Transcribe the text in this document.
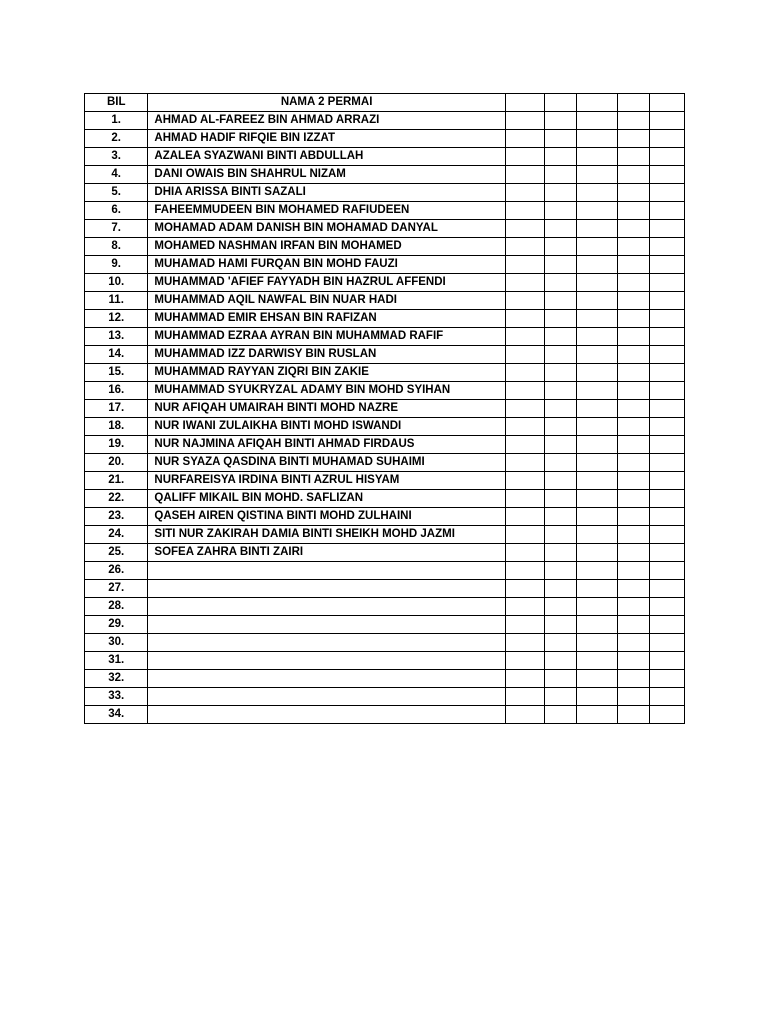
BIL	NAMA 2 PERMAI					
1.	AHMAD AL-FAREEZ BIN AHMAD ARRAZI					
2.	AHMAD HADIF RIFQIE BIN IZZAT					
3.	AZALEA SYAZWANI BINTI ABDULLAH					
4.	DANI OWAIS BIN SHAHRUL NIZAM					
5.	DHIA ARISSA BINTI SAZALI					
6.	FAHEEMMUDEEN BIN MOHAMED RAFIUDEEN					
7.	MOHAMAD ADAM DANISH BIN MOHAMAD DANYAL					
8.	MOHAMED NASHMAN IRFAN BIN MOHAMED					
9.	MUHAMAD HAMI FURQAN BIN MOHD FAUZI					
10.	MUHAMMAD 'AFIEF FAYYADH BIN HAZRUL AFFENDI					
11.	MUHAMMAD AQIL NAWFAL BIN NUAR HADI					
12.	MUHAMMAD EMIR EHSAN BIN RAFIZAN					
13.	MUHAMMAD EZRAA AYRAN BIN MUHAMMAD RAFIF					
14.	MUHAMMAD IZZ DARWISY BIN RUSLAN					
15.	MUHAMMAD RAYYAN ZIQRI BIN ZAKIE					
16.	MUHAMMAD SYUKRYZAL ADAMY BIN MOHD SYIHAN					
17.	NUR AFIQAH UMAIRAH BINTI MOHD NAZRE					
18.	NUR IWANI ZULAIKHA BINTI MOHD ISWANDI					
19.	NUR NAJMINA AFIQAH BINTI AHMAD FIRDAUS					
20.	NUR SYAZA QASDINA BINTI MUHAMAD SUHAIMI					
21.	NURFAREISYA IRDINA BINTI AZRUL HISYAM					
22.	QALIFF MIKAIL BIN MOHD. SAFLIZAN					
23.	QASEH AIREN QISTINA BINTI MOHD ZULHAINI					
24.	SITI NUR ZAKIRAH DAMIA BINTI SHEIKH MOHD JAZMI					
25.	SOFEA ZAHRA BINTI ZAIRI					
26.						
27.						
28.						
29.						
30.						
31.						
32.						
33.						
34.						
